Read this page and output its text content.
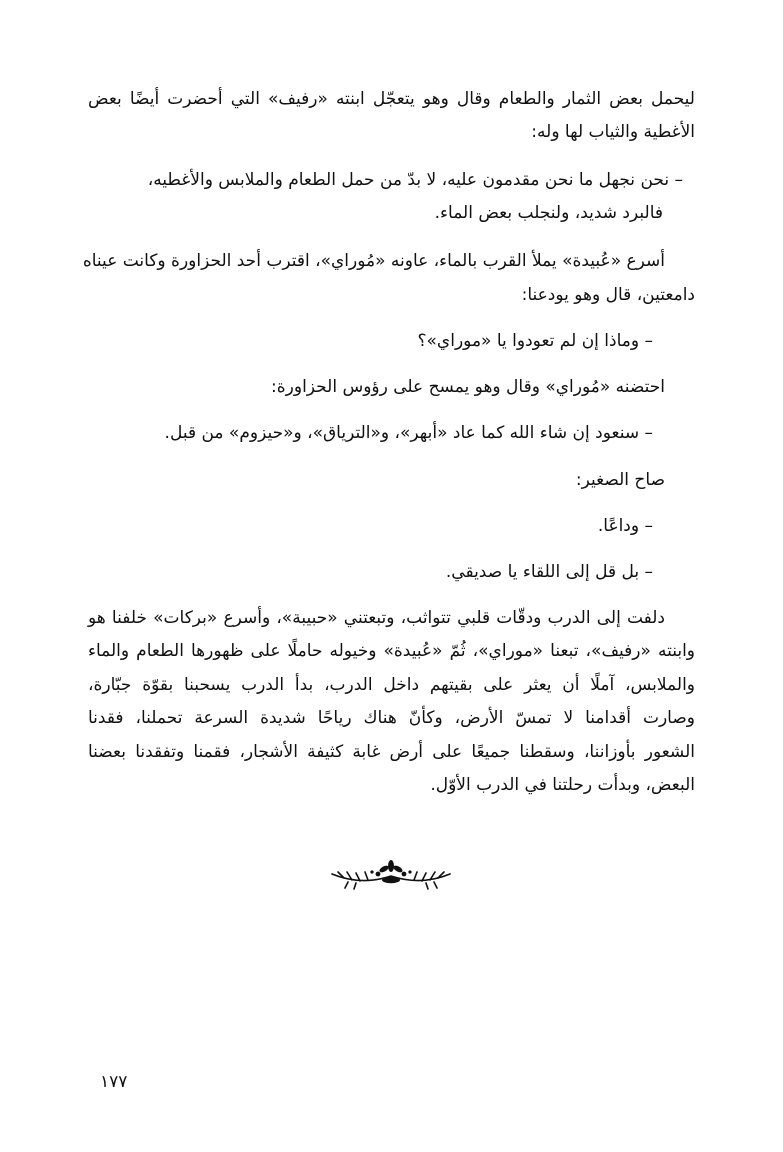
ليحمل بعض الثمار والطعام وقال وهو يتعجّل ابنته «رفيف» التي أحضرت أيضًا بعض
الأغطية والثياب لها وله:
– نحن نجهل ما نحن مقدمون عليه، لا بدّ من حمل الطعام والملابس والأغطيه،
فالبرد شديد، ولنجلب بعض الماء.
أسرع «عُبيدة» يملأ القرب بالماء، عاونه «مُوراي»، اقترب أحد الحزاورة وكانت عيناه
دامعتين، قال وهو يودعنا:
– وماذا إن لم تعودوا يا «موراي»؟
احتضنه «مُوراي» وقال وهو يمسح على رؤوس الحزاورة:
– سنعود إن شاء الله كما عاد «أبهر»، و«الترياق»، و«حيزوم» من قبل.
صاح الصغير:
– وداعًا.
– بل قل إلى اللقاء يا صديقي.
دلفت إلى الدرب ودقّات قلبي تتواثب، وتبعتني «حبيبة»، وأسرع «بركات» خلفنا هو
وابنته «رفيف»، تبعنا «موراي»، ثُمّ «عُبيدة» وخيوله حاملًا على ظهورها الطعام والماء
والملابس، آملًا أن يعثر على بقيتهم داخل الدرب، بدأ الدرب يسحبنا بقوّة جبّارة،
وصارت أقدامنا لا تمسّ الأرض، وكأنّ هناك رياحًا شديدة السرعة تحملنا، فقدنا
الشعور بأوزاننا، وسقطنا جميعًا على أرض غابة كثيفة الأشجار، فقمنا وتفقدنا بعضنا
البعض، وبدأت رحلتنا في الدرب الأوّل.
١٧٧
